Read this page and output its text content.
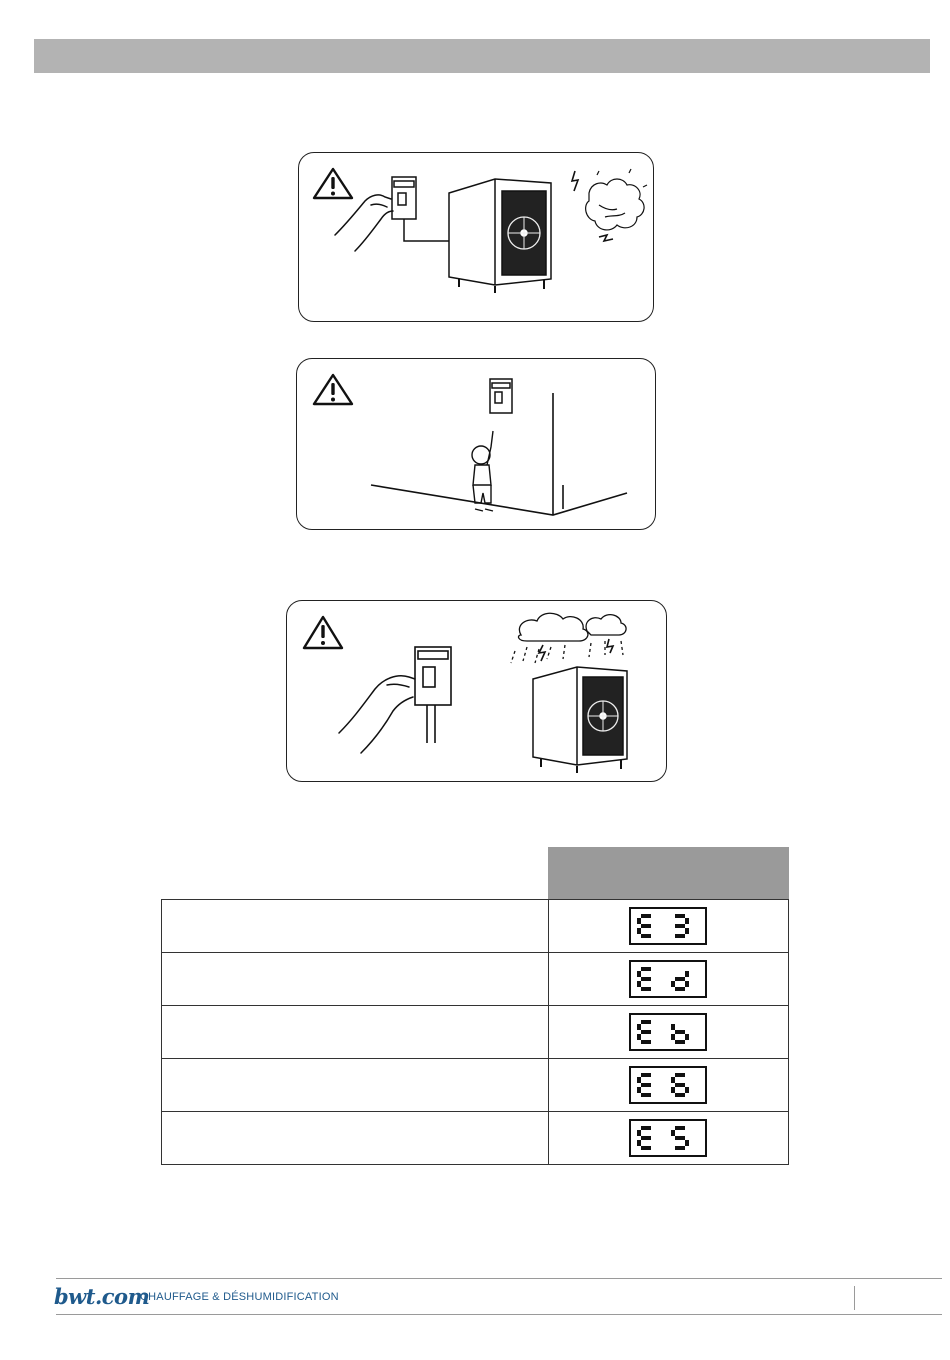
bwt.com
CHAUFFAGE & DÉSHUMIDIFICATION
